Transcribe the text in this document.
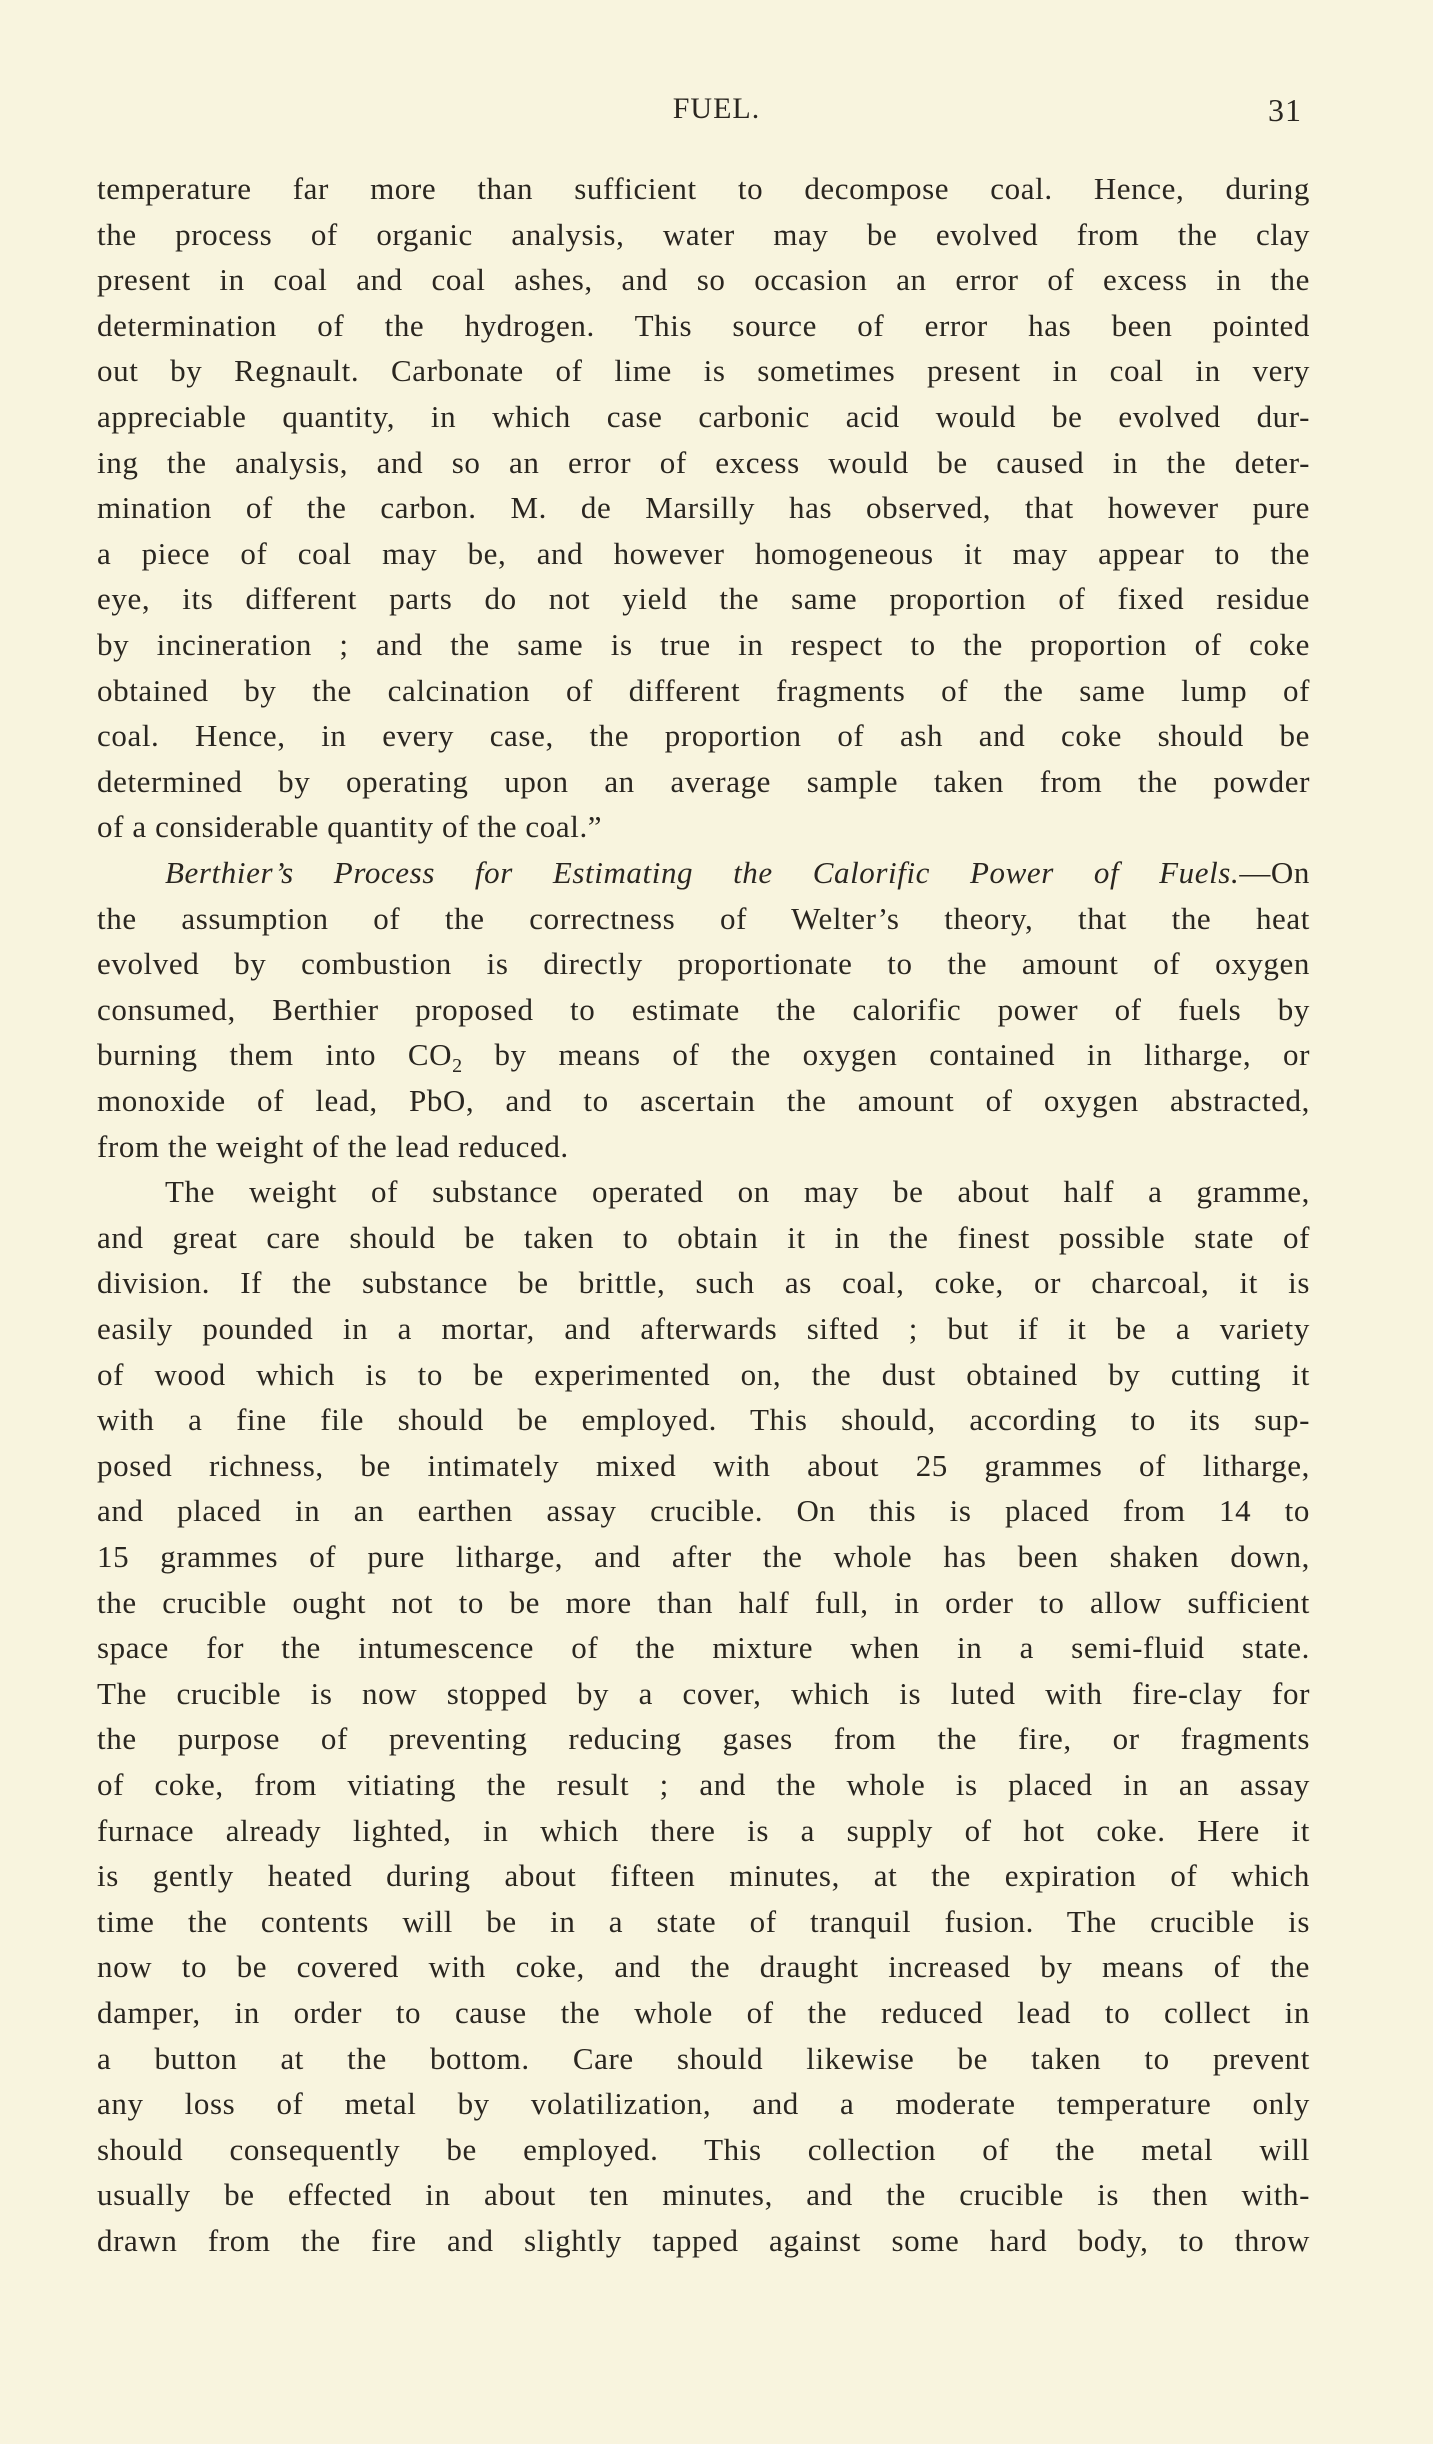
FUEL.	31
temperature far more than sufficient to decompose coal. Hence, during
the process of organic analysis, water may be evolved from the clay
present in coal and coal ashes, and so occasion an error of excess in the
determination of the hydrogen. This source of error has been pointed
out by Regnault. Carbonate of lime is sometimes present in coal in very
appreciable quantity, in which case carbonic acid would be evolved dur-
ing the analysis, and so an error of excess would be caused in the deter-
mination of the carbon. M. de Marsilly has observed, that however pure
a piece of coal may be, and however homogeneous it may appear to the
eye, its different parts do not yield the same proportion of fixed residue
by incineration ; and the same is true in respect to the proportion of coke
obtained by the calcination of different fragments of the same lump of
coal. Hence, in every case, the proportion of ash and coke should be
determined by operating upon an average sample taken from the powder
of a considerable quantity of the coal.”
Berthier’s Process for Estimating the Calorific Power of Fuels.—On
the assumption of the correctness of Welter’s theory, that the heat
evolved by combustion is directly proportionate to the amount of oxygen
consumed, Berthier proposed to estimate the calorific power of fuels by
burning them into $CO_2$ by means of the oxygen contained in litharge, or
monoxide of lead, PbO, and to ascertain the amount of oxygen abstracted,
from the weight of the lead reduced.
The weight of substance operated on may be about half a gramme,
and great care should be taken to obtain it in the finest possible state of
division. If the substance be brittle, such as coal, coke, or charcoal, it is
easily pounded in a mortar, and afterwards sifted ; but if it be a variety
of wood which is to be experimented on, the dust obtained by cutting it
with a fine file should be employed. This should, according to its sup-
posed richness, be intimately mixed with about 25 grammes of litharge,
and placed in an earthen assay crucible. On this is placed from 14 to
15 grammes of pure litharge, and after the whole has been shaken down,
the crucible ought not to be more than half full, in order to allow sufficient
space for the intumescence of the mixture when in a semi-fluid state.
The crucible is now stopped by a cover, which is luted with fire-clay for
the purpose of preventing reducing gases from the fire, or fragments
of coke, from vitiating the result ; and the whole is placed in an assay
furnace already lighted, in which there is a supply of hot coke. Here it
is gently heated during about fifteen minutes, at the expiration of which
time the contents will be in a state of tranquil fusion. The crucible is
now to be covered with coke, and the draught increased by means of the
damper, in order to cause the whole of the reduced lead to collect in
a button at the bottom. Care should likewise be taken to prevent
any loss of metal by volatilization, and a moderate temperature only
should consequently be employed. This collection of the metal will
usually be effected in about ten minutes, and the crucible is then with-
drawn from the fire and slightly tapped against some hard body, to throw
